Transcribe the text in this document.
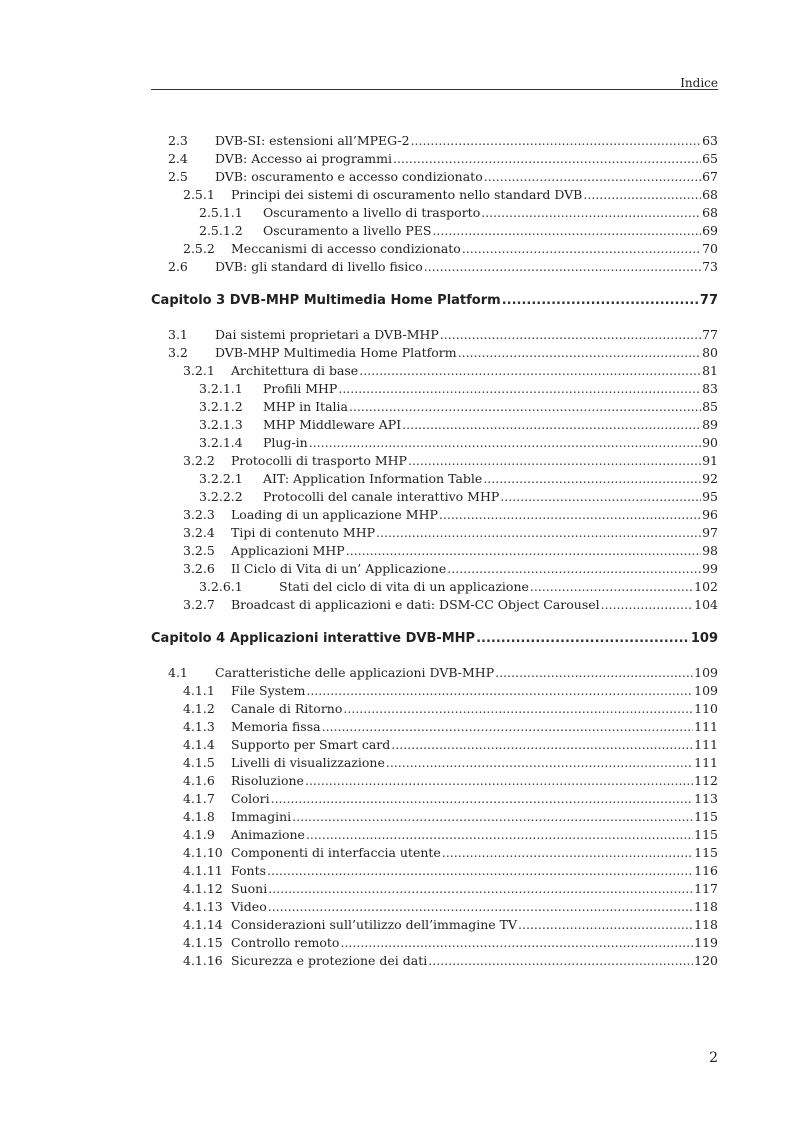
Indice
2.3 DVB-SI: estensioni all’MPEG-2 .....	63
2.4 DVB: Accesso ai programmi .....	65
2.5 DVB: oscuramento e accesso condizionato .....	67
2.5.1 Principi dei sistemi di oscuramento nello standard DVB .....	68
2.5.1.1 Oscuramento a livello di trasporto .....	68
2.5.1.2 Oscuramento a livello PES .....	69
2.5.2 Meccanismi di accesso condizionato .....	70
2.6 DVB: gli standard di livello fisico .....	73
Capitolo 3 DVB-MHP Multimedia Home Platform .....	77
3.1 Dai sistemi proprietari a DVB-MHP .....	77
3.2 DVB-MHP Multimedia Home Platform .....	80
3.2.1 Architettura di base .....	81
3.2.1.1 Profili MHP .....	83
3.2.1.2 MHP in Italia .....	85
3.2.1.3 MHP Middleware API .....	89
3.2.1.4 Plug-in .....	90
3.2.2 Protocolli di trasporto MHP .....	91
3.2.2.1 AIT: Application Information Table .....	92
3.2.2.2 Protocolli del canale interattivo MHP .....	95
3.2.3 Loading di un applicazione MHP .....	96
3.2.4 Tipi di contenuto MHP .....	97
3.2.5 Applicazioni MHP .....	98
3.2.6 Il Ciclo di Vita di un’ Applicazione .....	99
3.2.6.1	Stati del ciclo di vita di un applicazione .....	102
3.2.7 Broadcast di applicazioni e dati: DSM-CC Object Carousel .....	104
Capitolo 4 Applicazioni interattive DVB-MHP .....	109
4.1 Caratteristiche delle applicazioni DVB-MHP .....	109
4.1.1 File System .....	109
4.1.2 Canale di Ritorno .....	110
4.1.3 Memoria fissa .....	111
4.1.4 Supporto per Smart card .....	111
4.1.5 Livelli di visualizzazione .....	111
4.1.6 Risoluzione .....	112
4.1.7 Colori .....	113
4.1.8 Immagini .....	115
4.1.9 Animazione .....	115
4.1.10 Componenti di interfaccia utente .....	115
4.1.11 Fonts .....	116
4.1.12 Suoni .....	117
4.1.13 Video .....	118
4.1.14 Considerazioni sull’utilizzo dell’immagine TV .....	118
4.1.15 Controllo remoto .....	119
4.1.16 Sicurezza e protezione dei dati .....	120
2
